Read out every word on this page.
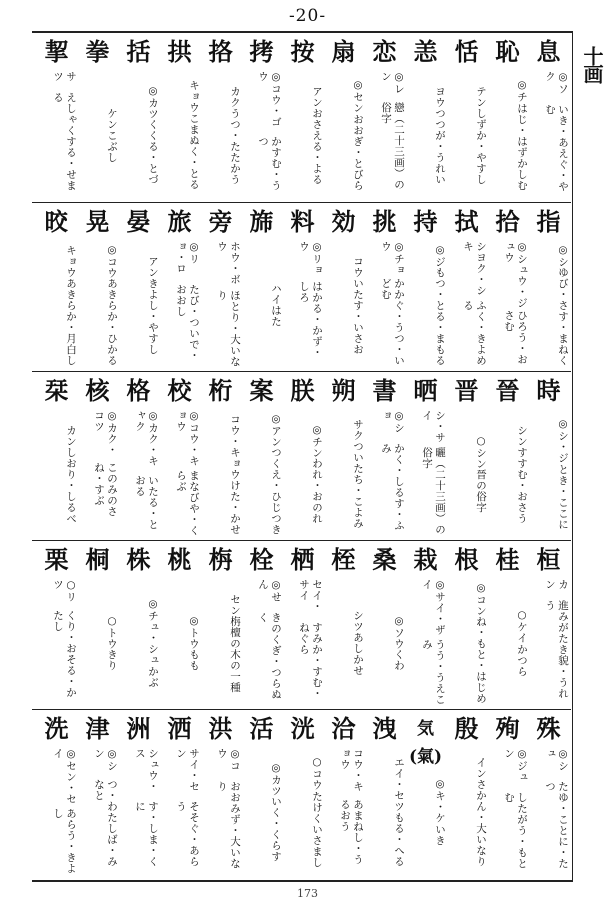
-20-
十画
息
◎ソク
いき・あえぐ・やむ
恥
◎チ
はじ・はずかしむ
恬
テン
しずか・やすし
恙
ヨウ
つつが・うれい
恋
◎レン
戀（二十三画）の俗字
扇
◎セン
おおぎ・とびら
按
アン
おさえる・よる
拷
◎コウ・ゴウ
かすむ・うつ
挌
カク
うつ・たたかう
拱
キョウ
こまぬく・とる
括
◎カツ
くくる・とづ
拳
ケン
こぶし
挈
サツ
えしゃくする・せまる
指
◎シ
ゆび・さす・まねく
拾
◎シュウ・ジュウ
ひろう・おさむ
拭
シヨク・シキ
ふく・きよめる
持
◎ジ
もつ・とる・まもる
挑
◎チョウ
かかぐ・うつ・いどむ
効
コウ
いたす・いさお
料
◎リョウ
はかる・かず・しろ
旆
ハイ
はた
旁
ホウ・ボウ
ほとり・大いなり
旅
◎リョ・ロ
たび・ついで・おおし
晏
アン
きよし・やすし
晃
◎コウ
あきらか・ひかる
晈
キョウ
あきらか・月白し
時
◎シ・ジ
とき・ここに
晉
シン
すすむ・おさう
晋
○シン
晉の俗字
晒
シ・サイ
曬（二十三画）の俗字
書
◎ショ
かく・しるす・ふみ
朔
サク
ついたち・こよみ
朕
◎チン
われ・おのれ
案
◎アン
つくえ・ひじつき
桁
コウ・キョウ
けた・かせ
校
◎コウ・キョウ
まなびや・くらぶ
格
◎カク・キャク
いたる・とおる
核
◎カク・コツ
このみのさね・すぶ
栞
カン
しおり・しるべ
桓
カン
進みがたき貌・うれう
桂
○ケイ
かつら
根
◎コン
ね・もと・はじめ
栽
◎サイ・ザイ
うう・うえこみ
桑
◎ソウ
くわ
桎
シツ
あしかせ
栖
セイ・サイ
すみか・すむ・ねぐら
栓
◎せん
きのくぎ・つらぬく
栴
セン
栴檀の木の一種
桃
◎トウ
もも
株
◎チュ・シュ
かぶ
桐
○トウ
きり
栗
○リツ
くり・おそる・かたし
殊
◎シュ
たゆ・ことに・たつ
殉
◎ジュン
したがう・もとむ
殷
イン
さかん・大いなり
気(氣)
◎キ・ケ
いき
洩
エイ・セツ
もる・へる
洽
コウ・キョウ
あまねし・うるおう
洸
○コウ
たけくいさまし
活
◎カツ
いく・くらす
洪
◎コウ
おおみず・大いなり
洒
サイ・セン
そそぐ・あらう
洲
シュウ・ス
す・しま・くに
津
◎シン
つ・わたしば・みなと
洗
◎セン・セイ
あらう・きよし
173
